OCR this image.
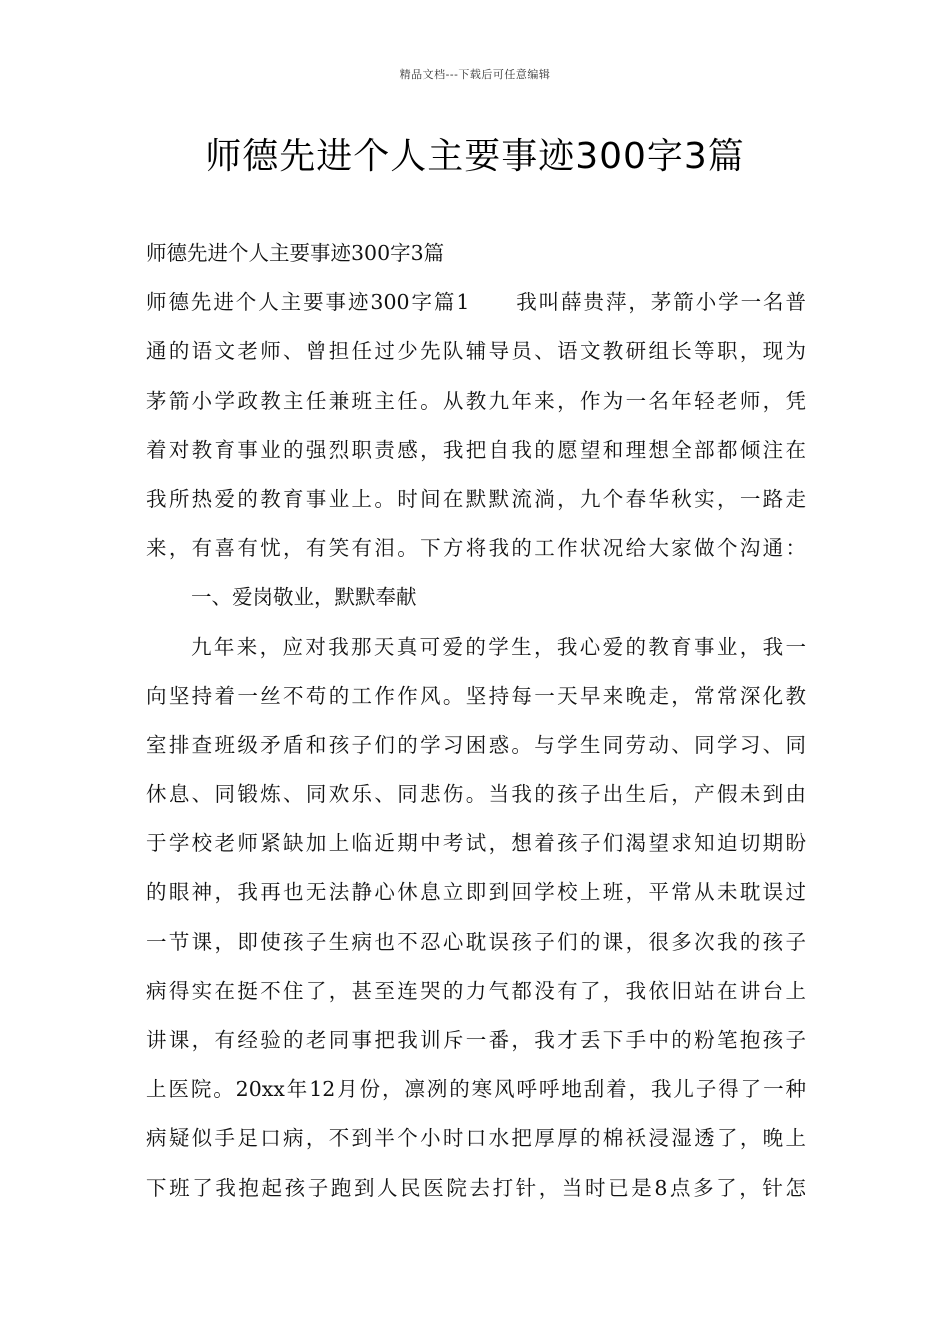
精品文档---下载后可任意编辑
师德先进个人主要事迹300字3篇
师德先进个人主要事迹300字3篇
师德先进个人主要事迹300字篇1　　我叫薛贵萍，茅箭小学一名普
通的语文老师、曾担任过少先队辅导员、语文教研组长等职，现为
茅箭小学政教主任兼班主任。从教九年来，作为一名年轻老师，凭
着对教育事业的强烈职责感，我把自我的愿望和理想全部都倾注在
我所热爱的教育事业上。时间在默默流淌，九个春华秋实，一路走
来，有喜有忧，有笑有泪。下方将我的工作状况给大家做个沟通：
一、爱岗敬业，默默奉献
九年来，应对我那天真可爱的学生，我心爱的教育事业，我一
向坚持着一丝不苟的工作作风。坚持每一天早来晚走，常常深化教
室排查班级矛盾和孩子们的学习困惑。与学生同劳动、同学习、同
休息、同锻炼、同欢乐、同悲伤。当我的孩子出生后，产假未到由
于学校老师紧缺加上临近期中考试，想着孩子们渴望求知迫切期盼
的眼神，我再也无法静心休息立即到回学校上班，平常从未耽误过
一节课，即使孩子生病也不忍心耽误孩子们的课，很多次我的孩子
病得实在挺不住了，甚至连哭的力气都没有了，我依旧站在讲台上
讲课，有经验的老同事把我训斥一番，我才丢下手中的粉笔抱孩子
上医院。20xx年12月份，凛冽的寒风呼呼地刮着，我儿子得了一种
病疑似手足口病，不到半个小时口水把厚厚的棉袄浸湿透了，晚上
下班了我抱起孩子跑到人民医院去打针，当时已是8点多了，针怎
